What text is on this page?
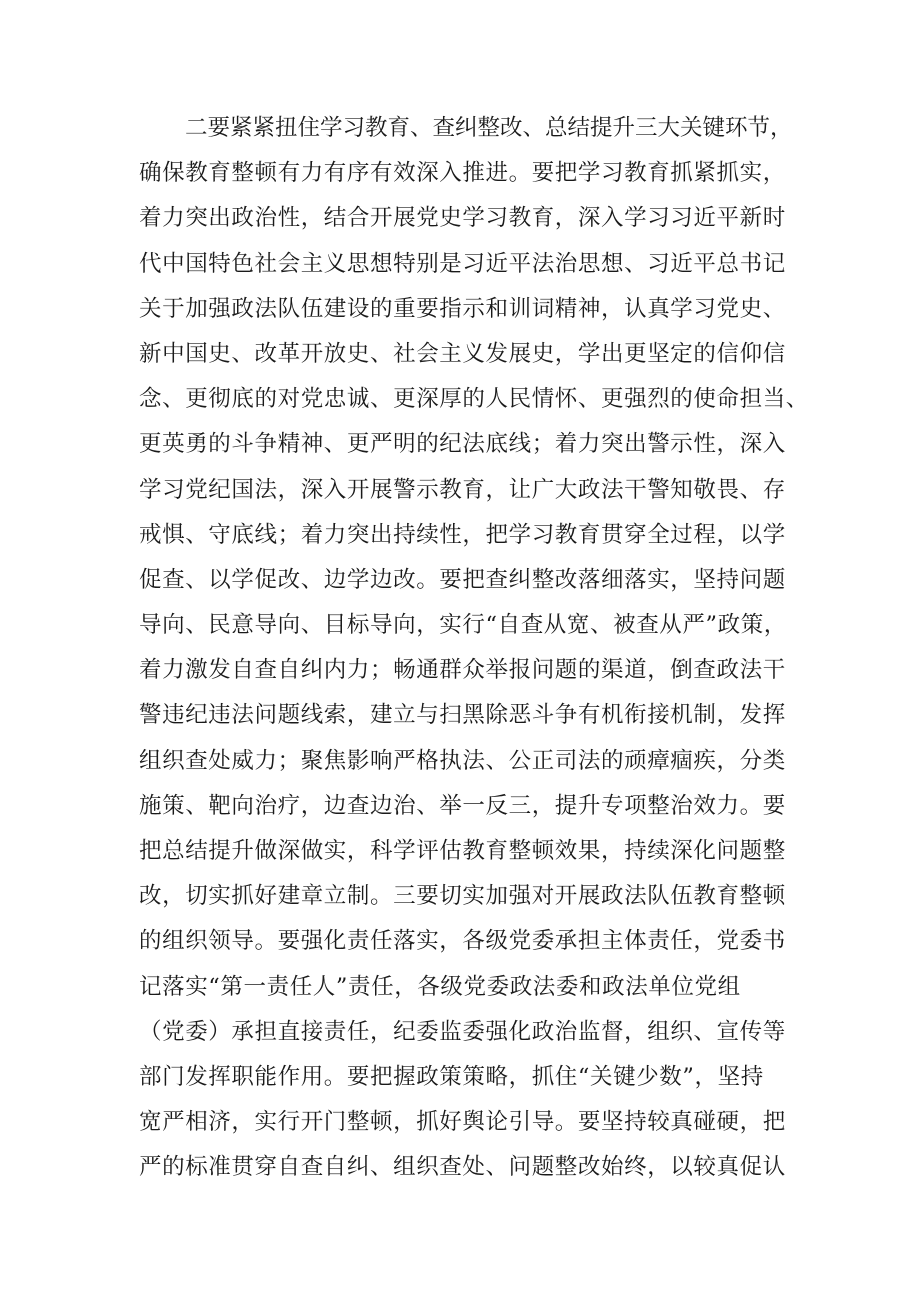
二要紧紧扭住学习教育、查纠整改、总结提升三大关键环节，
确保教育整顿有力有序有效深入推进。要把学习教育抓紧抓实，
着力突出政治性，结合开展党史学习教育，深入学习习近平新时
代中国特色社会主义思想特别是习近平法治思想、习近平总书记
关于加强政法队伍建设的重要指示和训词精神，认真学习党史、
新中国史、改革开放史、社会主义发展史，学出更坚定的信仰信
念、更彻底的对党忠诚、更深厚的人民情怀、更强烈的使命担当、
更英勇的斗争精神、更严明的纪法底线；着力突出警示性，深入
学习党纪国法，深入开展警示教育，让广大政法干警知敬畏、存
戒惧、守底线；着力突出持续性，把学习教育贯穿全过程，以学
促查、以学促改、边学边改。要把查纠整改落细落实，坚持问题
导向、民意导向、目标导向，实行“自查从宽、被查从严”政策，
着力激发自查自纠内力；畅通群众举报问题的渠道，倒查政法干
警违纪违法问题线索，建立与扫黑除恶斗争有机衔接机制，发挥
组织查处威力；聚焦影响严格执法、公正司法的顽瘴痼疾，分类
施策、靶向治疗，边查边治、举一反三，提升专项整治效力。要
把总结提升做深做实，科学评估教育整顿效果，持续深化问题整
改，切实抓好建章立制。三要切实加强对开展政法队伍教育整顿
的组织领导。要强化责任落实，各级党委承担主体责任，党委书
记落实“第一责任人”责任，各级党委政法委和政法单位党组
（党委）承担直接责任，纪委监委强化政治监督，组织、宣传等
部门发挥职能作用。要把握政策策略，抓住“关键少数”，坚持
宽严相济，实行开门整顿，抓好舆论引导。要坚持较真碰硬，把
严的标准贯穿自查自纠、组织查处、问题整改始终，以较真促认
